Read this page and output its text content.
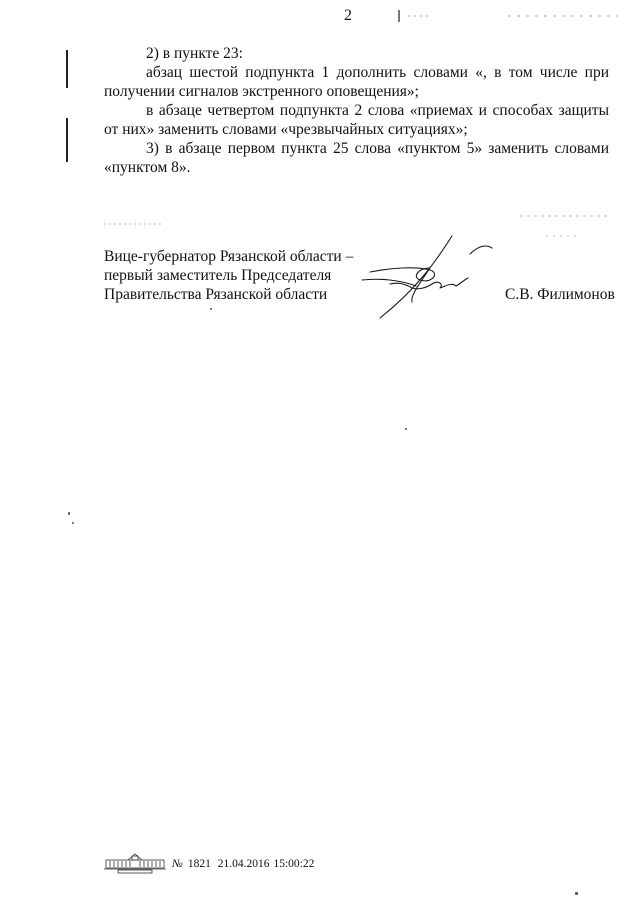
2

2) в пункте 23:

абзац шестой подпункта 1 дополнить словами «, в том числе при получении сигналов экстренного оповещения»;

в абзаце четвертом подпункта 2 слова «приемах и способах защиты от них» заменить словами «чрезвычайных ситуациях»;

3) в абзаце первом пункта 25 слова «пунктом 5» заменить словами «пунктом 8».

Вице-губернатор Рязанской области –
первый заместитель Председателя
Правительства Рязанской области	С.В. Филимонов
№ 1821 21.04.2016 15:00:22
